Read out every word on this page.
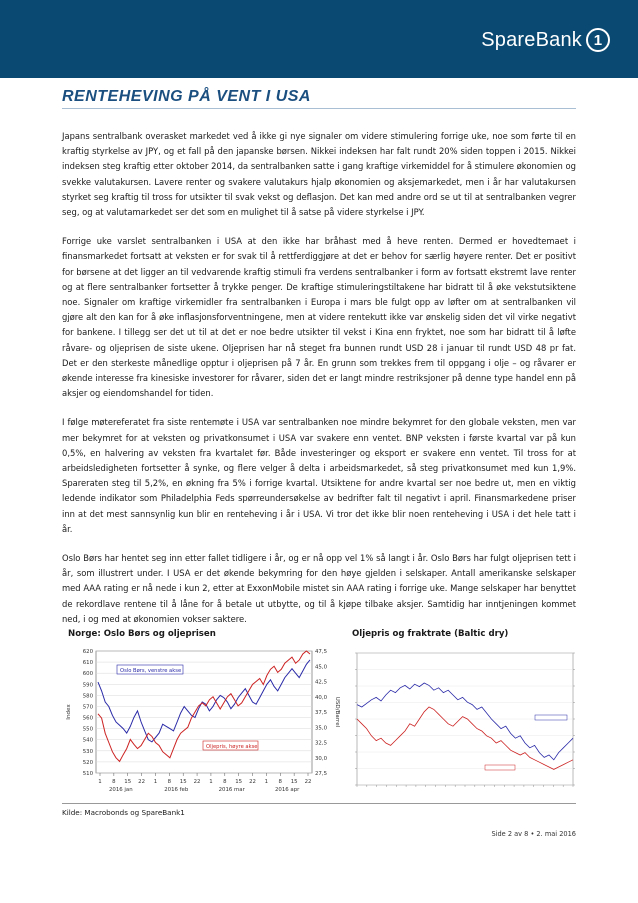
SpareBank 1
RENTEHEVING PÅ VENT I USA

Japans sentralbank overasket markedet ved å ikke gi nye signaler om videre stimulering forrige uke, noe som førte til en kraftig styrkelse av JPY, og et fall på den japanske børsen. Nikkei indeksen har falt rundt 20% siden toppen i 2015. Nikkei indeksen steg kraftig etter oktober 2014, da sentralbanken satte i gang kraftige virkemiddel for å stimulere økonomien og svekke valutakursen. Lavere renter og svakere valutakurs hjalp økonomien og aksjemarkedet, men i år har valutakursen styrket seg kraftig til tross for utsikter til svak vekst og deflasjon. Det kan med andre ord se ut til at sentralbanken vegrer seg, og at valutamarkedet ser det som en mulighet til å satse på videre styrkelse i JPY.

Forrige uke varslet sentralbanken i USA at den ikke har bråhast med å heve renten. Dermed er hovedtemaet i finansmarkedet fortsatt at veksten er for svak til å rettferdiggjøre at det er behov for særlig høyere renter. Det er positivt for børsene at det ligger an til vedvarende kraftig stimuli fra verdens sentralbanker i form av fortsatt ekstremt lave renter og at flere sentralbanker fortsetter å trykke penger. De kraftige stimuleringstiltakene har bidratt til å øke vekstutsiktene noe. Signaler om kraftige virkemidler fra sentralbanken i Europa i mars ble fulgt opp av løfter om at sentralbanken vil gjøre alt den kan for å øke inflasjonsforventningene, men at videre rentekutt ikke var ønskelig siden det vil virke negativt for bankene. I tillegg ser det ut til at det er noe bedre utsikter til vekst i Kina enn fryktet, noe som har bidratt til å løfte råvare- og oljeprisen de siste ukene. Oljeprisen har nå steget fra bunnen rundt USD 28 i januar til rundt USD 48 pr fat. Det er den sterkeste månedlige opptur i oljeprisen på 7 år. En grunn som trekkes frem til oppgang i olje – og råvarer er økende interesse fra kinesiske investorer for råvarer, siden det er langt mindre restriksjoner på denne type handel enn på aksjer og eiendomshandel for tiden.

I følge møtereferatet fra siste rentemøte i USA var sentralbanken noe mindre bekymret for den globale veksten, men var mer bekymret for at veksten og privatkonsumet i USA var svakere enn ventet. BNP veksten i første kvartal var på kun 0,5%, en halvering av veksten fra kvartalet før. Både investeringer og eksport er svakere enn ventet. Til tross for at arbeidsledigheten fortsetter å synke, og flere velger å delta i arbeidsmarkedet, så steg privatkonsumet med kun 1,9%. Spareraten steg til 5,2%, en økning fra 5% i forrige kvartal. Utsiktene for andre kvartal ser noe bedre ut, men en viktig ledende indikator som Philadelphia Feds spørreundersøkelse av bedrifter falt til negativt i april. Finansmarkedene priser inn at det mest sannsynlig kun blir en renteheving i år i USA. Vi tror det ikke blir noen renteheving i USA i det hele tatt i år.

Oslo Børs har hentet seg inn etter fallet tidligere i år, og er nå opp vel 1% så langt i år. Oslo Børs har fulgt oljeprisen tett i år, som illustrert under. I USA er det økende bekymring for den høye gjelden i selskaper. Antall amerikanske selskaper med AAA rating er nå nede i kun 2, etter at ExxonMobile mistet sin AAA rating i forrige uke. Mange selskaper har benyttet de rekordlave rentene til å låne for å betale ut utbytte, og til å kjøpe tilbake aksjer. Samtidig har inntjeningen kommet ned, i og med at økonomien vokser saktere.

Norge: Oslo Børs og oljeprisen	Oljepris og fraktrate (Baltic dry)
510
520
530
540
550
560
570
580
590
600
610
620
27,5
30,0
32,5
35,0
37,5
40,0
42,5
45,0
47,5
Index	USD/Barrel
1 8 15 22 1 8 15 22 1 8 15 22 1 8 15 22
2016 jan	2016 feb	2016 mar	2016 apr
Oslo Børs, venstre akse
Oljepris, høyre akse
Kilde: Macrobonds og SpareBank1
Side 2 av 8 • 2. mai 2016
